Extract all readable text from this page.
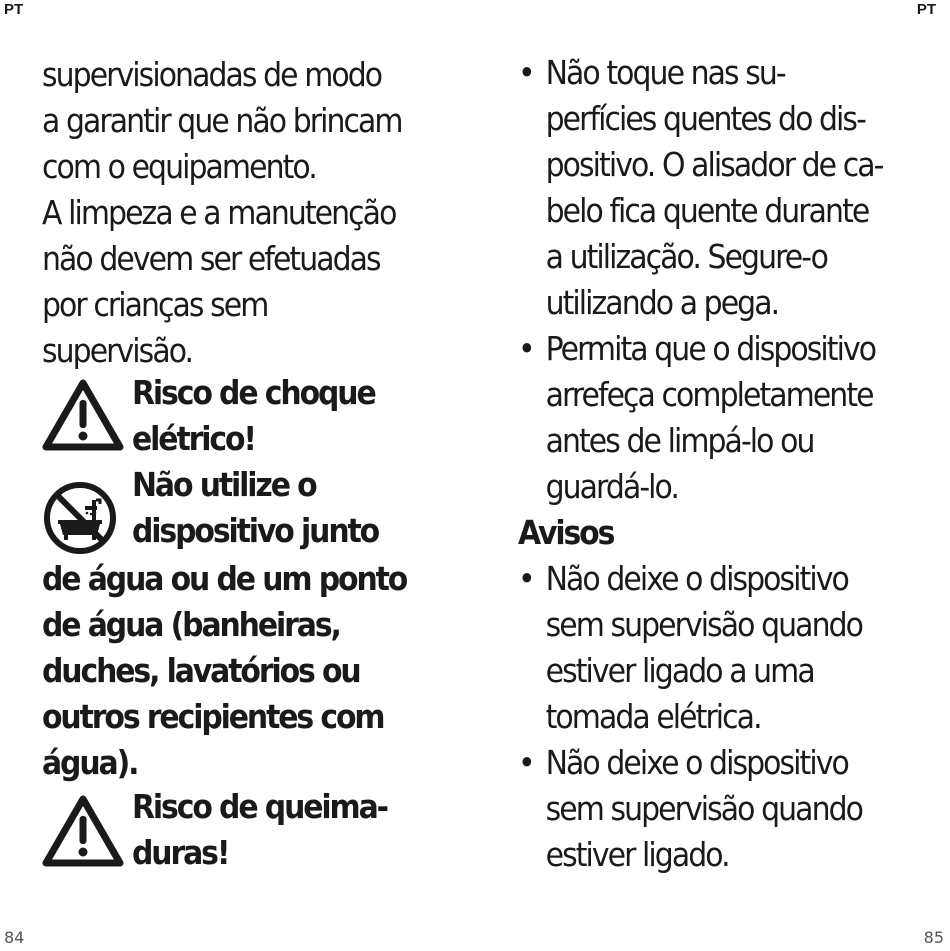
PT
supervisionadas de modo
a garantir que não brincam
com o equipamento.
A limpeza e a manutenção
não devem ser efetuadas
por crianças sem
supervisão.
Risco de choque
elétrico!
Não utilize o
dispositivo junto
de água ou de um ponto
de água (banheiras,
duches, lavatórios ou
outros recipientes com
água).
Risco de queima-
duras!
84
PT
• Não toque nas su-
perfícies quentes do dis-
positivo. O alisador de ca-
belo fica quente durante
a utilização. Segure-o
utilizando a pega.
• Permita que o dispositivo
arrefeça completamente
antes de limpá-lo ou
guardá-lo.
Avisos
• Não deixe o dispositivo
sem supervisão quando
estiver ligado a uma
tomada elétrica.
• Não deixe o dispositivo
sem supervisão quando
estiver ligado.
85
